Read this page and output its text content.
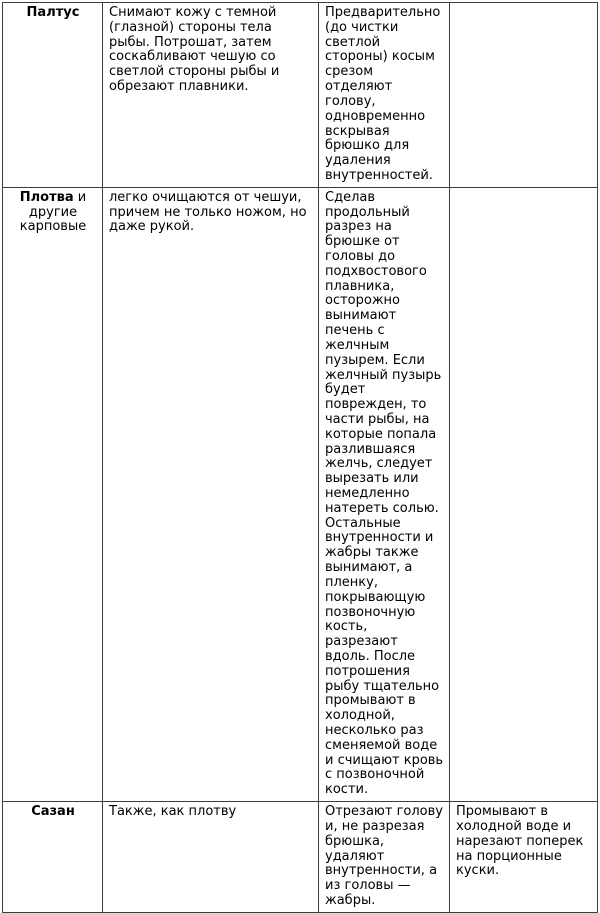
Палтус	Снимают кожу с темной (глазной) стороны тела рыбы. Потрошат, затем соскабливают чешую со светлой стороны рыбы и обрезают плавники.	Предварительно (до чистки светлой стороны) косым срезом отделяют голову, одновременно вскрывая брюшко для удаления внутренностей.	
Плотва и другие карповые	легко очищаются от чешуи, причем не только ножом, но даже рукой.	Сделав продольный разрез на брюшке от головы до подхвостового плавника, осторожно вынимают печень с желчным пузырем. Если желчный пузырь будет поврежден, то части рыбы, на которые попала разлившаяся желчь, следует вырезать или немедленно натереть солью. Остальные внутренности и жабры также вынимают, а пленку, покрывающую позвоночную кость, разрезают вдоль. После потрошения рыбу тщательно промывают в холодной, несколько раз сменяемой воде и счищают кровь с позвоночной кости.	
Сазан	Также, как плотву	Отрезают голову и, не разрезая брюшка, удаляют внутренности, а из головы — жабры.	Промывают в холодной воде и нарезают поперек на порционные куски.
